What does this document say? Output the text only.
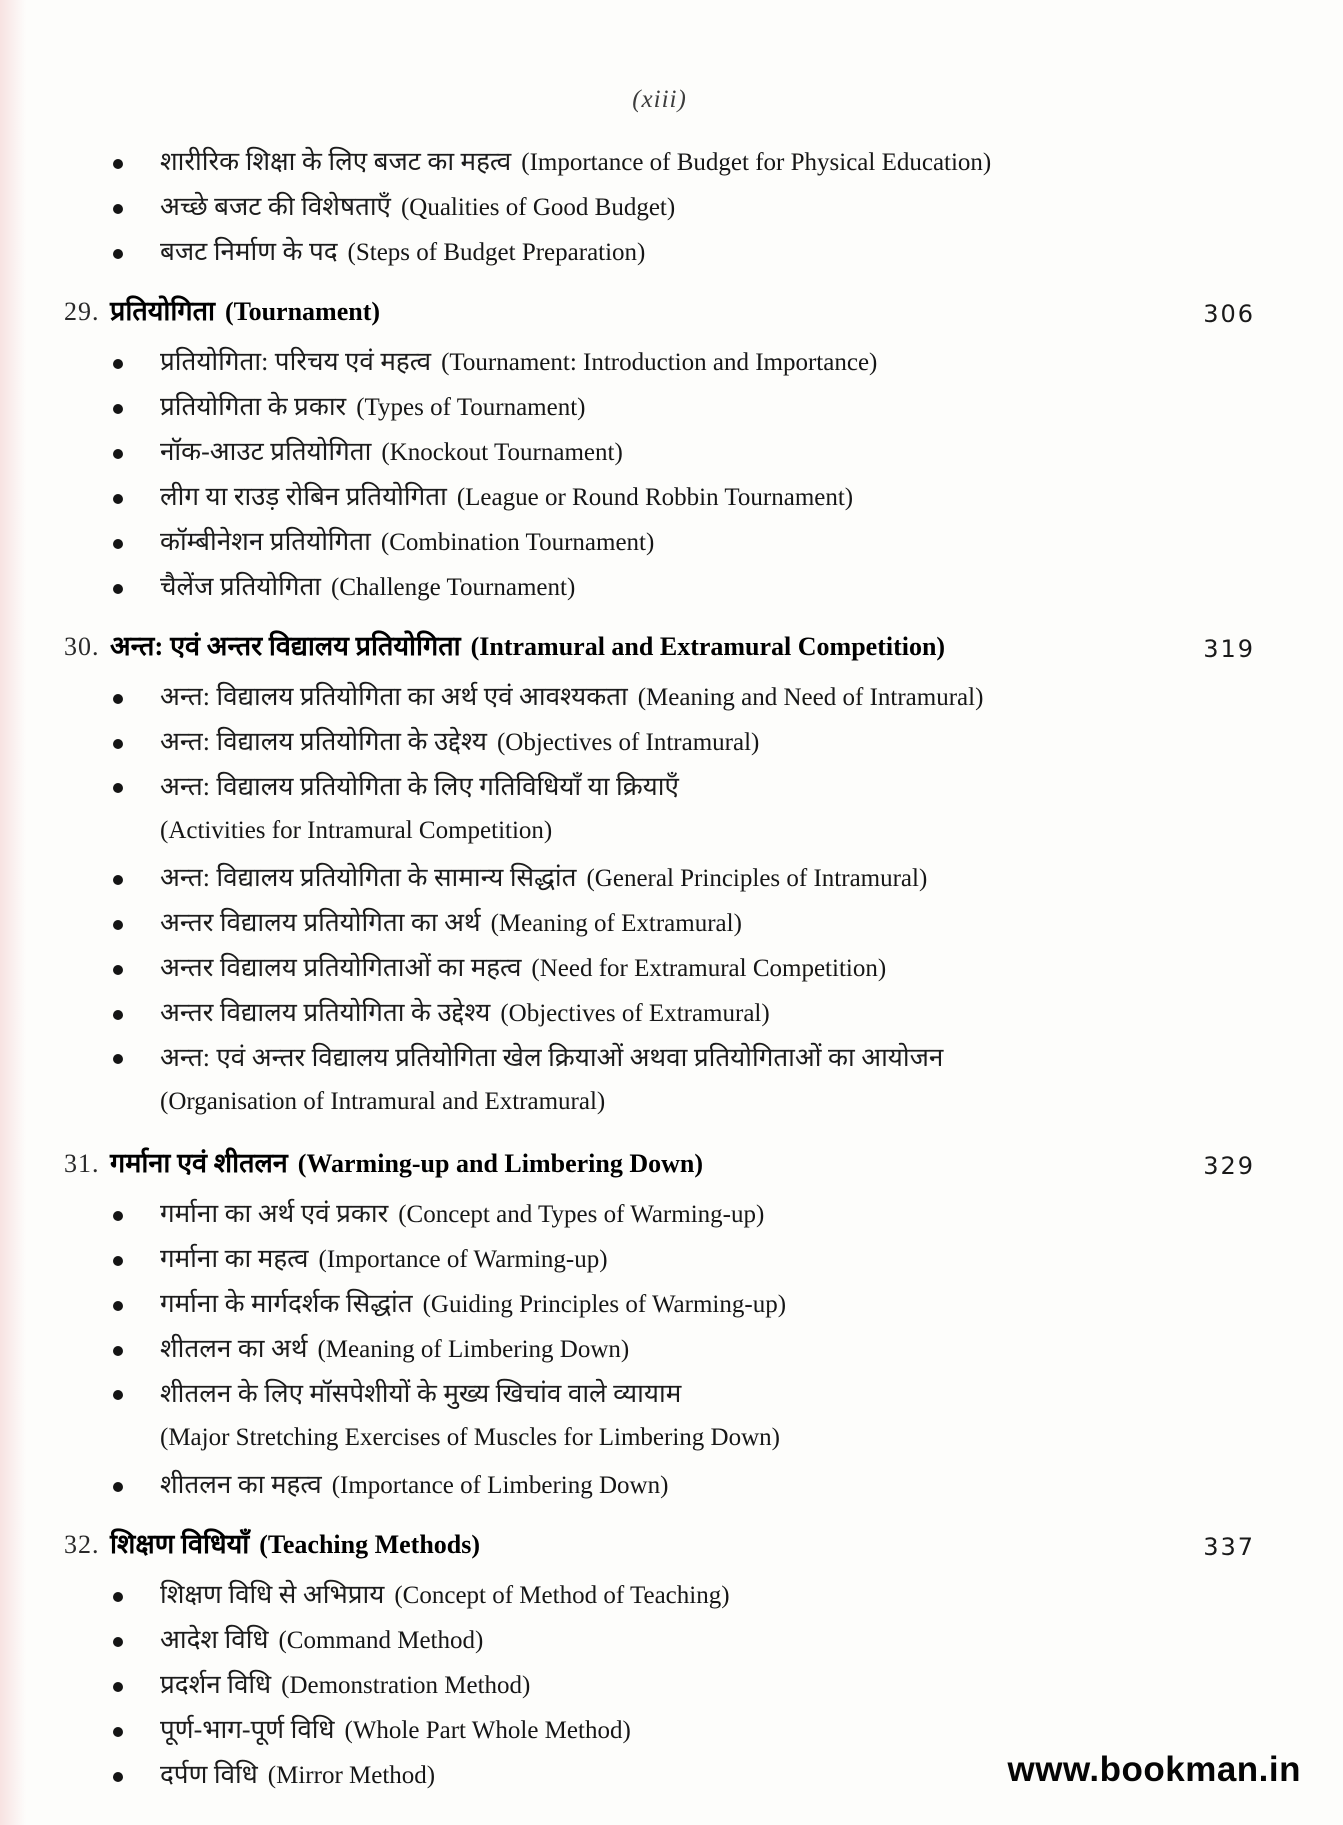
(xiii)
शारीरिक शिक्षा के लिए बजट का महत्व (Importance of Budget for Physical Education)
अच्छे बजट की विशेषताएँ (Qualities of Good Budget)
बजट निर्माण के पद (Steps of Budget Preparation)
29. प्रतियोगिता (Tournament)	306
प्रतियोगिता: परिचय एवं महत्व (Tournament: Introduction and Importance)
प्रतियोगिता के प्रकार (Types of Tournament)
नॉक-आउट प्रतियोगिता (Knockout Tournament)
लीग या राउड़ रोबिन प्रतियोगिता (League or Round Robbin Tournament)
कॉम्बीनेशन प्रतियोगिता (Combination Tournament)
चैलेंज प्रतियोगिता (Challenge Tournament)
30. अन्त: एवं अन्तर विद्यालय प्रतियोगिता (Intramural and Extramural Competition)	319
अन्त: विद्यालय प्रतियोगिता का अर्थ एवं आवश्यकता (Meaning and Need of Intramural)
अन्त: विद्यालय प्रतियोगिता के उद्देश्य (Objectives of Intramural)
अन्त: विद्यालय प्रतियोगिता के लिए गतिविधियाँ या क्रियाएँ
(Activities for Intramural Competition)
अन्त: विद्यालय प्रतियोगिता के सामान्य सिद्धांत (General Principles of Intramural)
अन्तर विद्यालय प्रतियोगिता का अर्थ (Meaning of Extramural)
अन्तर विद्यालय प्रतियोगिताओं का महत्व (Need for Extramural Competition)
अन्तर विद्यालय प्रतियोगिता के उद्देश्य (Objectives of Extramural)
अन्त: एवं अन्तर विद्यालय प्रतियोगिता खेल क्रियाओं अथवा प्रतियोगिताओं का आयोजन
(Organisation of Intramural and Extramural)
31. गर्माना एवं शीतलन (Warming-up and Limbering Down)	329
गर्माना का अर्थ एवं प्रकार (Concept and Types of Warming-up)
गर्माना का महत्व (Importance of Warming-up)
गर्माना के मार्गदर्शक सिद्धांत (Guiding Principles of Warming-up)
शीतलन का अर्थ (Meaning of Limbering Down)
शीतलन के लिए मॉसपेशीयों के मुख्य खिचांव वाले व्यायाम
(Major Stretching Exercises of Muscles for Limbering Down)
शीतलन का महत्व (Importance of Limbering Down)
32. शिक्षण विधियाँ (Teaching Methods)	337
शिक्षण विधि से अभिप्राय (Concept of Method of Teaching)
आदेश विधि (Command Method)
प्रदर्शन विधि (Demonstration Method)
पूर्ण-भाग-पूर्ण विधि (Whole Part Whole Method)
दर्पण विधि (Mirror Method)	www.bookman.in
